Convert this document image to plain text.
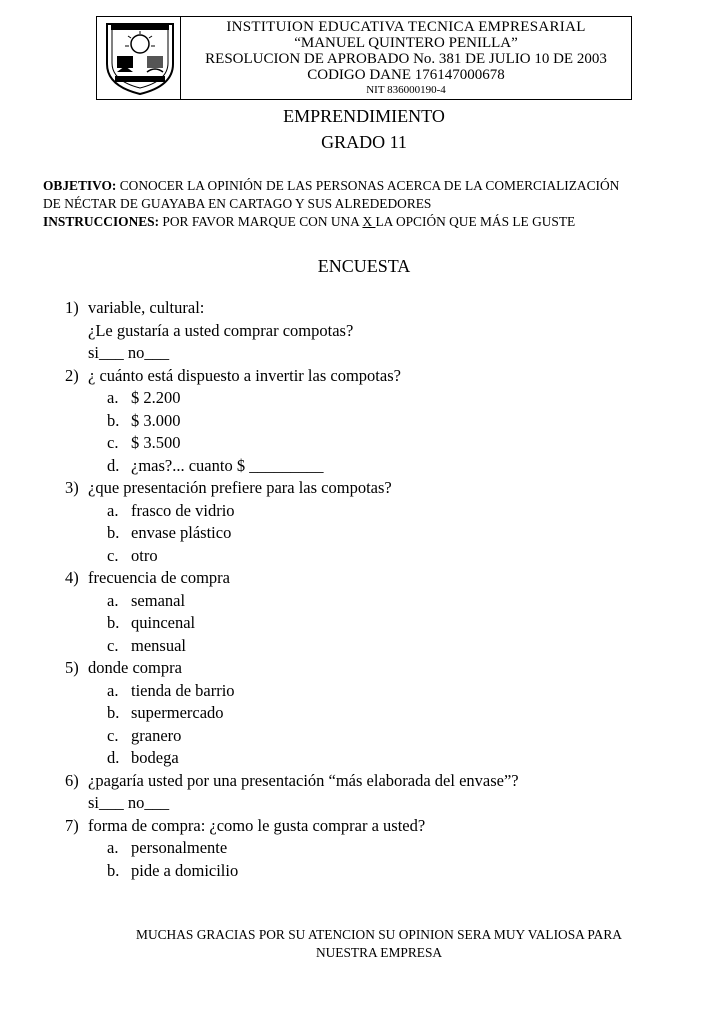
INSTITUION EDUCATIVA TECNICA EMPRESARIAL
“MANUEL QUINTERO PENILLA”
RESOLUCION DE APROBADO No. 381 DE JULIO 10 DE 2003
CODIGO DANE 176147000678
NIT 836000190-4
EMPRENDIMIENTO
GRADO 11
OBJETIVO: CONOCER LA OPINIÓN DE LAS PERSONAS ACERCA DE LA COMERCIALIZACIÓN
DE NÉCTAR DE GUAYABA EN CARTAGO Y SUS ALREDEDORES
INSTRUCCIONES: POR FAVOR MARQUE CON UNA X LA OPCIÓN QUE MÁS LE GUSTE
ENCUESTA
1) variable, cultural:
¿Le gustaría a usted comprar compotas?
si___ no___
2) ¿ cuánto está dispuesto a invertir las compotas?
a. $ 2.200
b. $ 3.000
c. $ 3.500
d. ¿mas?... cuanto $ _________
3) ¿que presentación prefiere para las compotas?
a. frasco de vidrio
b. envase plástico
c. otro
4) frecuencia de compra
a. semanal
b. quincenal
c. mensual
5) donde compra
a. tienda de barrio
b. supermercado
c. granero
d. bodega
6) ¿pagaría usted por una presentación “más elaborada del envase”?
si___ no___
7) forma de compra: ¿como le gusta comprar a usted?
a. personalmente
b. pide a domicilio
MUCHAS GRACIAS POR SU ATENCION SU OPINION SERA MUY VALIOSA PARA
NUESTRA EMPRESA
